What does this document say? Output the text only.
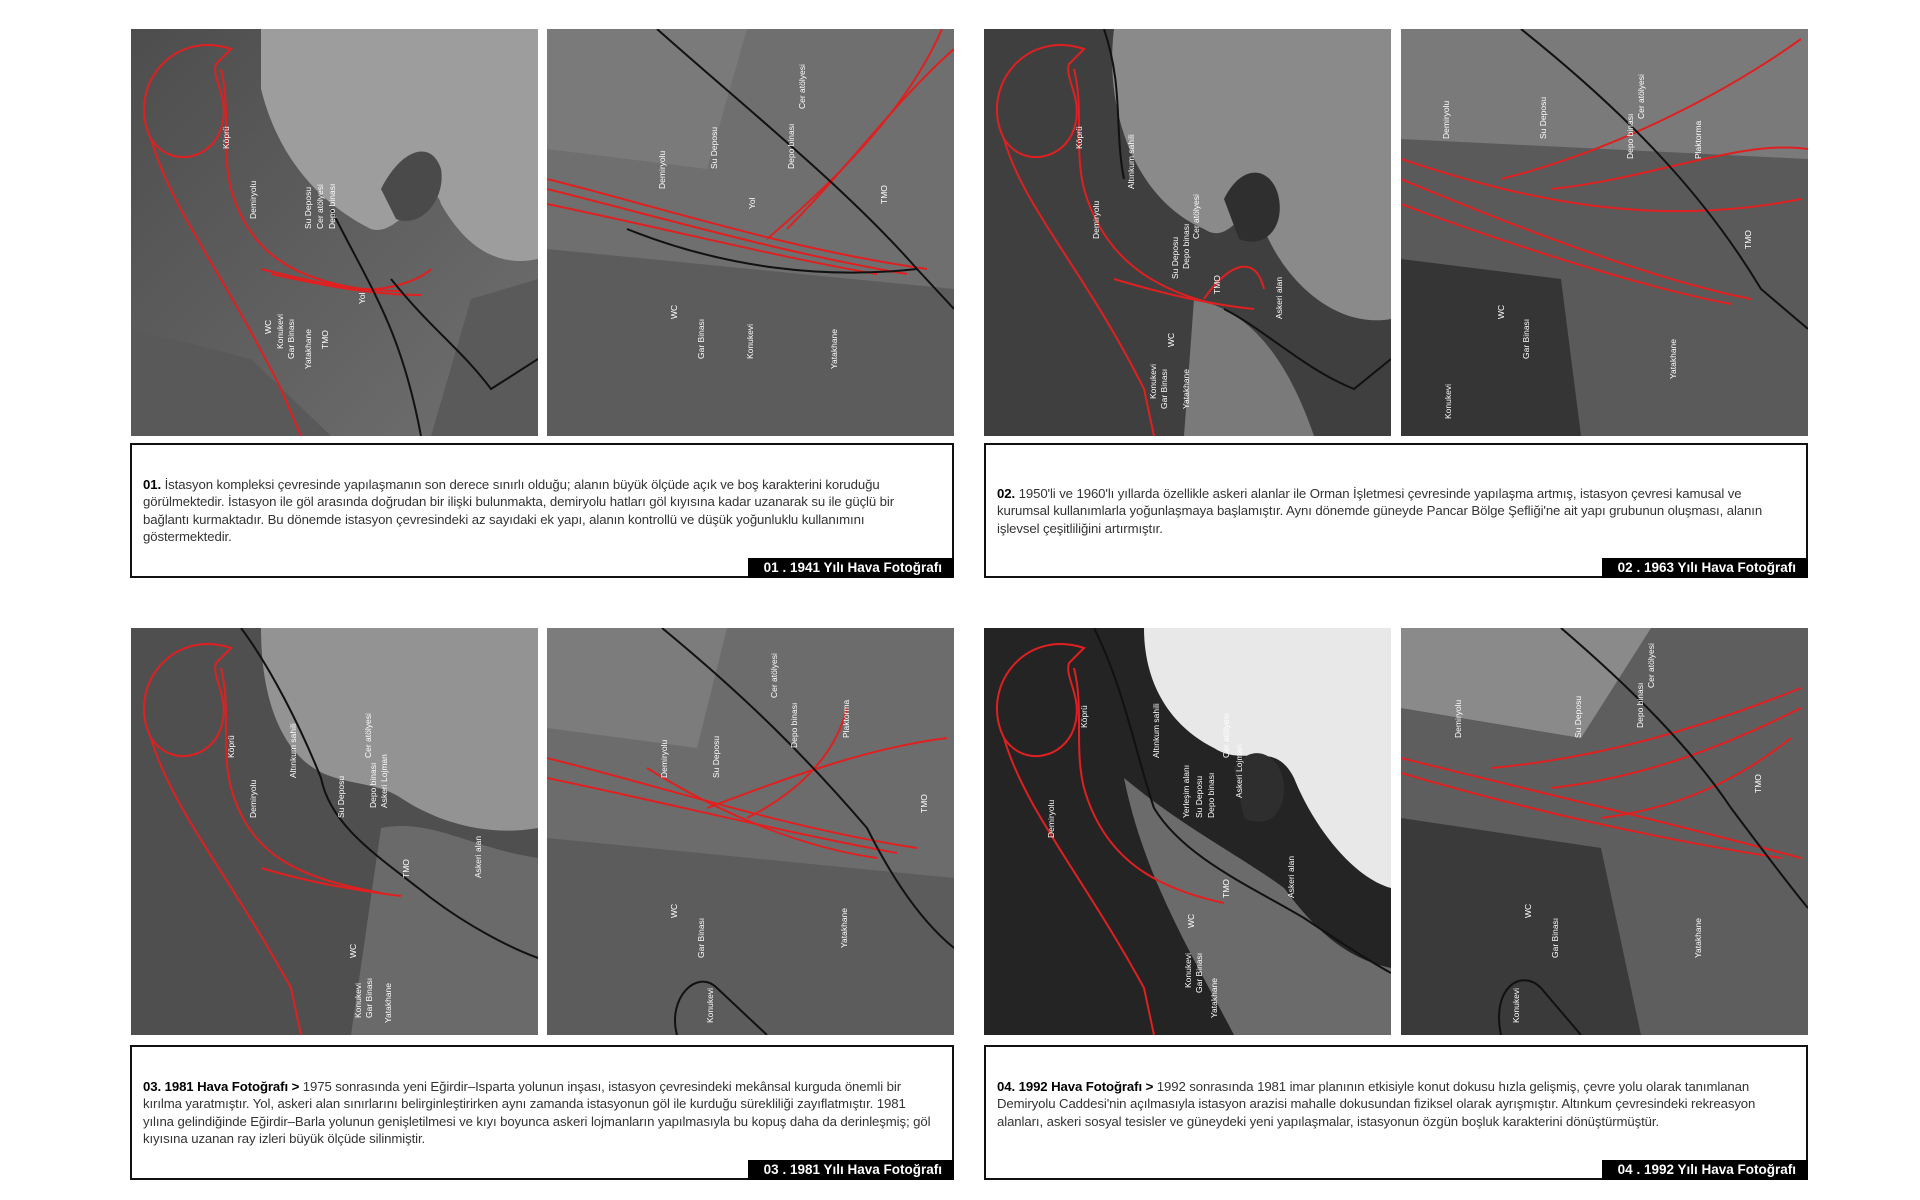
Köprü
Demiryolu	Su Deposu Cer atölyesi Depo binası
WC Konukevi Gar Binası Yatakhane TMO
Yol
Demiryolu
Su Deposu	Depo binası
Cer atölyesi
Yol	TMO
WC
Gar Binası	Konukevi	Yatakhane
01. İstasyon kompleksi çevresinde yapılaşmanın son derece sınırlı olduğu; alanın büyük ölçüde açık ve boş karakterini koruduğu görülmektedir. İstasyon ile göl arasında doğrudan bir ilişki bulunmakta, demiryolu hatları göl kıyısına kadar uzanarak su ile güçlü bir bağlantı kurmaktadır. Bu dönemde istasyon çevresindeki az sayıdaki ek yapı, alanın kontrollü ve düşük yoğunluklu kullanımını göstermektedir.
01 . 1941 Yılı Hava Fotoğrafı
Köprü	Altınkum sahili
Demiryolu	Cer atölyesi
Depo binası
Su Deposu
TMO	Askeri alan
WC
Konukevi Gar Binası Yatakhane
Demiryolu	Su Deposu	Depo binası
Cer atölyesi
Plaktorma
TMO
WC
Gar Binası
Konukevi
Yatakhane
02. 1950'li ve 1960'lı yıllarda özellikle askeri alanlar ile Orman İşletmesi çevresinde yapılaşma artmış, istasyon çevresi kamusal ve kurumsal kullanımlarla yoğunlaşmaya başlamıştır. Aynı dönemde güneyde Pancar Bölge Şefliği'ne ait yapı grubunun oluşması, alanın işlevsel çeşitliliğini artırmıştır.
02 . 1963 Yılı Hava Fotoğrafı
Köprü
Demiryolu
Altınkum sahili
Su Deposu
Cer atölyesi
Depo binası Askeri Lojman
TMO	Askeri alan
WC
Konukevi Gar Binası Yatakhane
Demiryolu	Su Deposu
Depo binası
Cer atölyesi
Plaktorma
TMO
WC
Gar Binası
Konukevi
Yatakhane
03. 1981 Hava Fotoğrafı > 1975 sonrasında yeni Eğirdir–Isparta yolunun inşası, istasyon çevresindeki mekânsal kurguda önemli bir kırılma yaratmıştır. Yol, askeri alan sınırlarını belirginleştirirken aynı zamanda istasyonun göl ile kurduğu sürekliliği zayıflatmıştır. 1981 yılına gelindiğinde Eğirdir–Barla yolunun genişletilmesi ve kıyı boyunca askeri lojmanların yapılmasıyla bu kopuş daha da derinleşmiş; göl kıyısına uzanan ray izleri büyük ölçüde silinmiştir.
03 . 1981 Yılı Hava Fotoğrafı
Köprü
Demiryolu
Altınkum sahili
Yerleşim alanı Su Deposu Depo binası
Cer atölyesi
Askeri Lojman
Askeri alan
TMO
WC
Konukevi Gar Binası
Yatakhane
Demiryolu	Su Deposu	Depo binası
Cer atölyesi
TMO
WC
Gar Binası
Konukevi
Yatakhane
04. 1992 Hava Fotoğrafı > 1992 sonrasında 1981 imar planının etkisiyle konut dokusu hızla gelişmiş, çevre yolu olarak tanımlanan Demiryolu Caddesi'nin açılmasıyla istasyon arazisi mahalle dokusundan fiziksel olarak ayrışmıştır. Altınkum çevresindeki rekreasyon alanları, askeri sosyal tesisler ve güneydeki yeni yapılaşmalar, istasyonun özgün boşluk karakterini dönüştürmüştür.
04 . 1992 Yılı Hava Fotoğrafı
